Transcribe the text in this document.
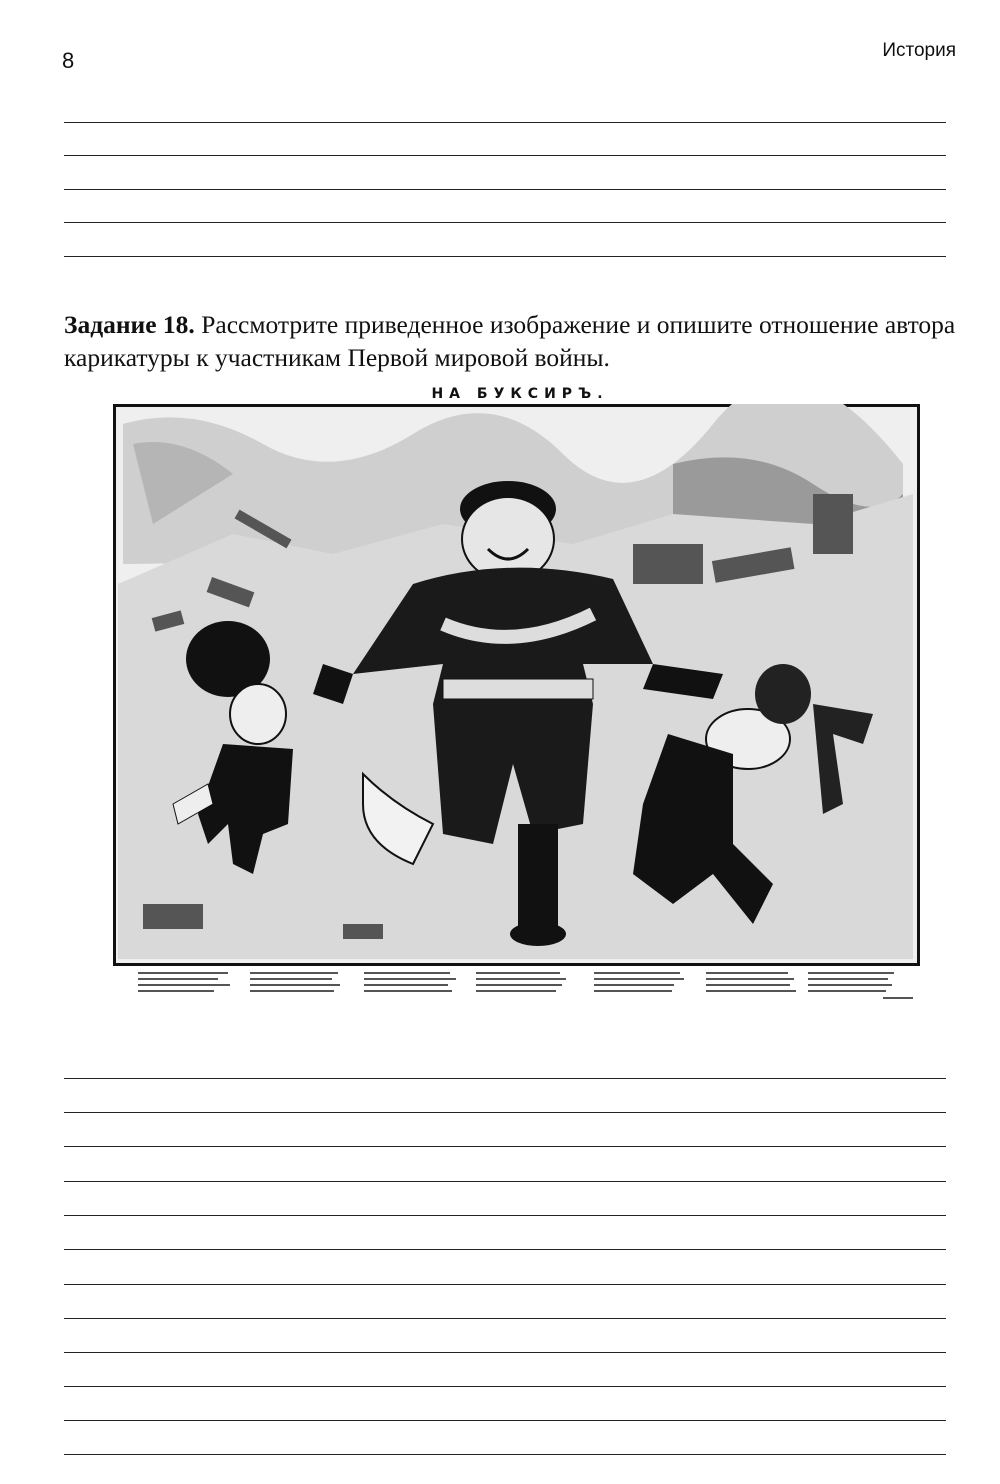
8	История
Задание 18. Рассмотрите приведенное изображение и опишите отношение автора карикатуры к участникам Первой мировой войны.
НА БУКСИРЪ.
